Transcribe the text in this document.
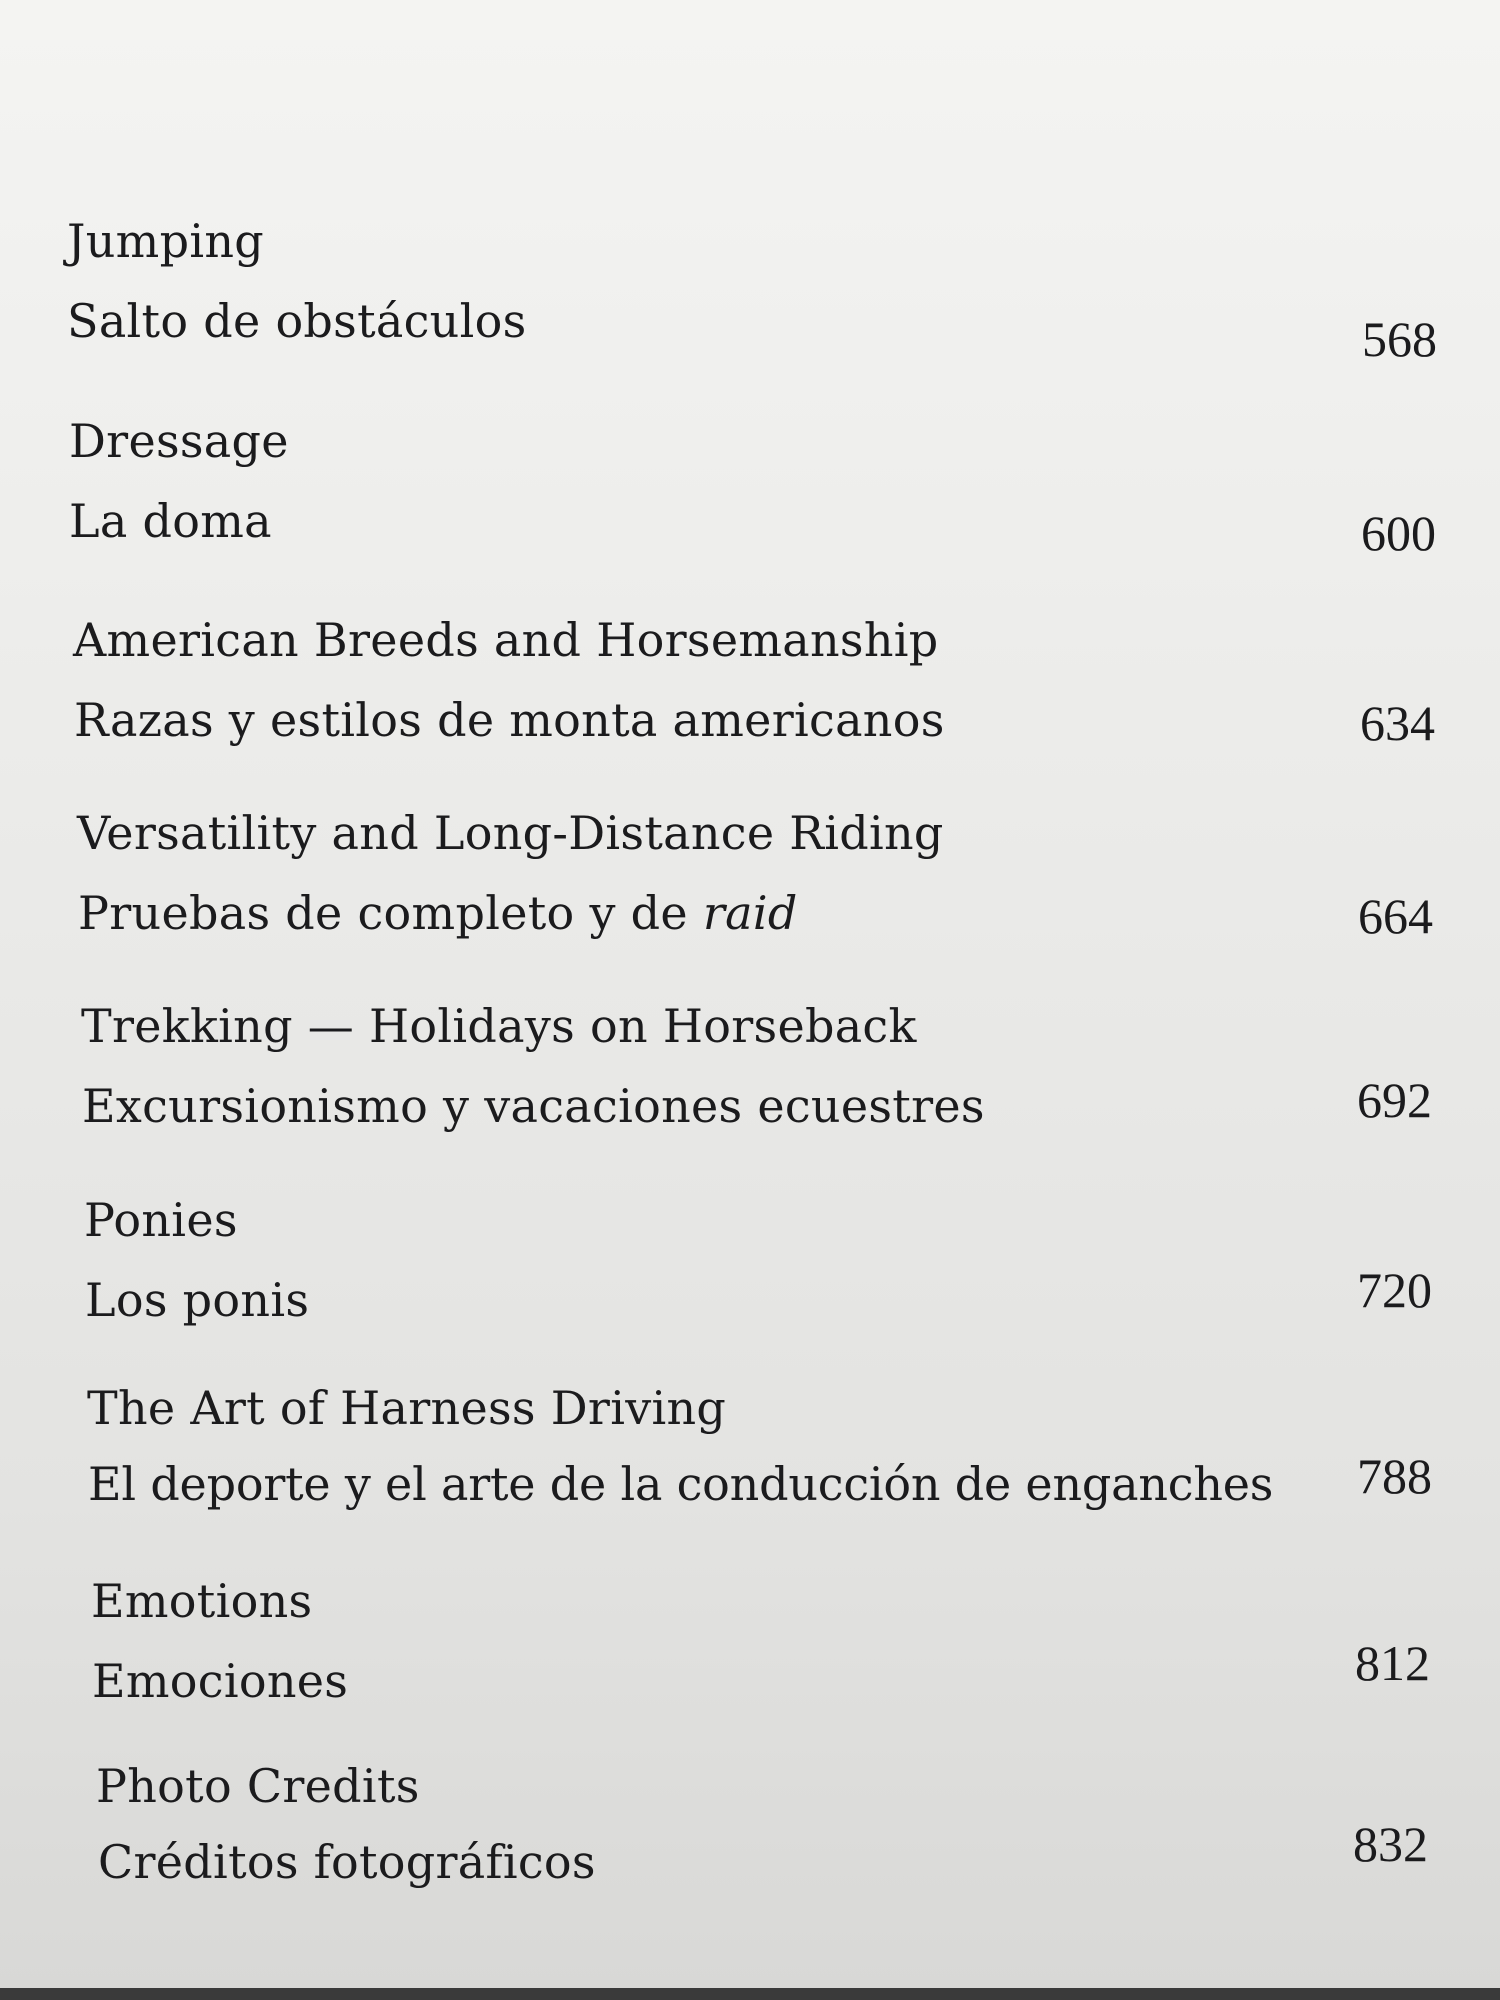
Jumping
Salto de obstáculos	568
Dressage
La doma	600
American Breeds and Horsemanship
Razas y estilos de monta americanos	634
Versatility and Long-Distance Riding
Pruebas de completo y de raid	664
Trekking — Holidays on Horseback
Excursionismo y vacaciones ecuestres	692
Ponies
Los ponis	720
The Art of Harness Driving
El deporte y el arte de la conducción de enganches 788
Emotions
Emociones	812
Photo Credits
Créditos fotográficos	832
